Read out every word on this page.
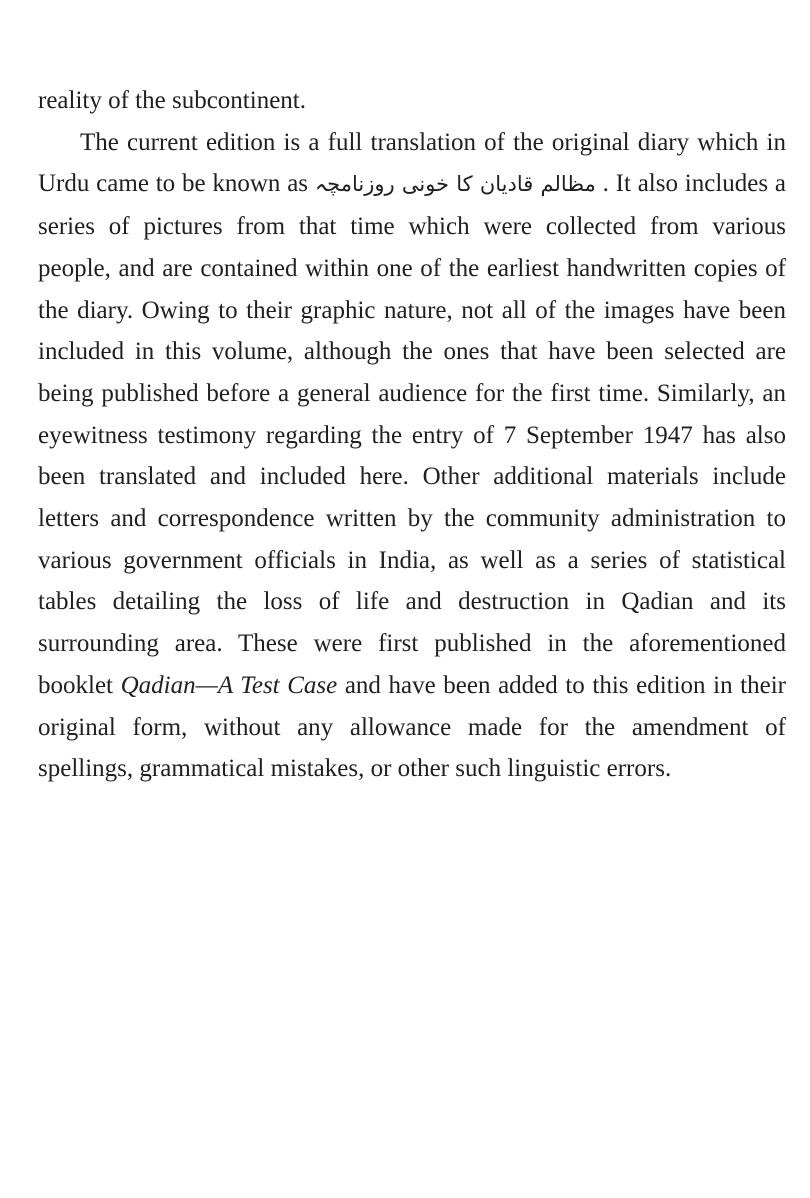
reality of the subcontinent.

The current edition is a full translation of the original diary which in Urdu came to be known as مظالم قادیان کا خونی روزنامچہ . It also includes a series of pictures from that time which were collected from various people, and are contained within one of the earliest handwritten copies of the diary. Owing to their graphic nature, not all of the images have been included in this volume, although the ones that have been selected are being published before a general audience for the first time. Similarly, an eyewitness testimony regarding the entry of 7 September 1947 has also been translated and included here. Other additional materials include letters and correspondence written by the community administration to various government officials in India, as well as a series of statistical tables detailing the loss of life and destruction in Qadian and its surrounding area. These were first published in the aforementioned booklet Qadian—A Test Case and have been added to this edition in their original form, without any allowance made for the amendment of spellings, grammatical mistakes, or other such linguistic errors.
